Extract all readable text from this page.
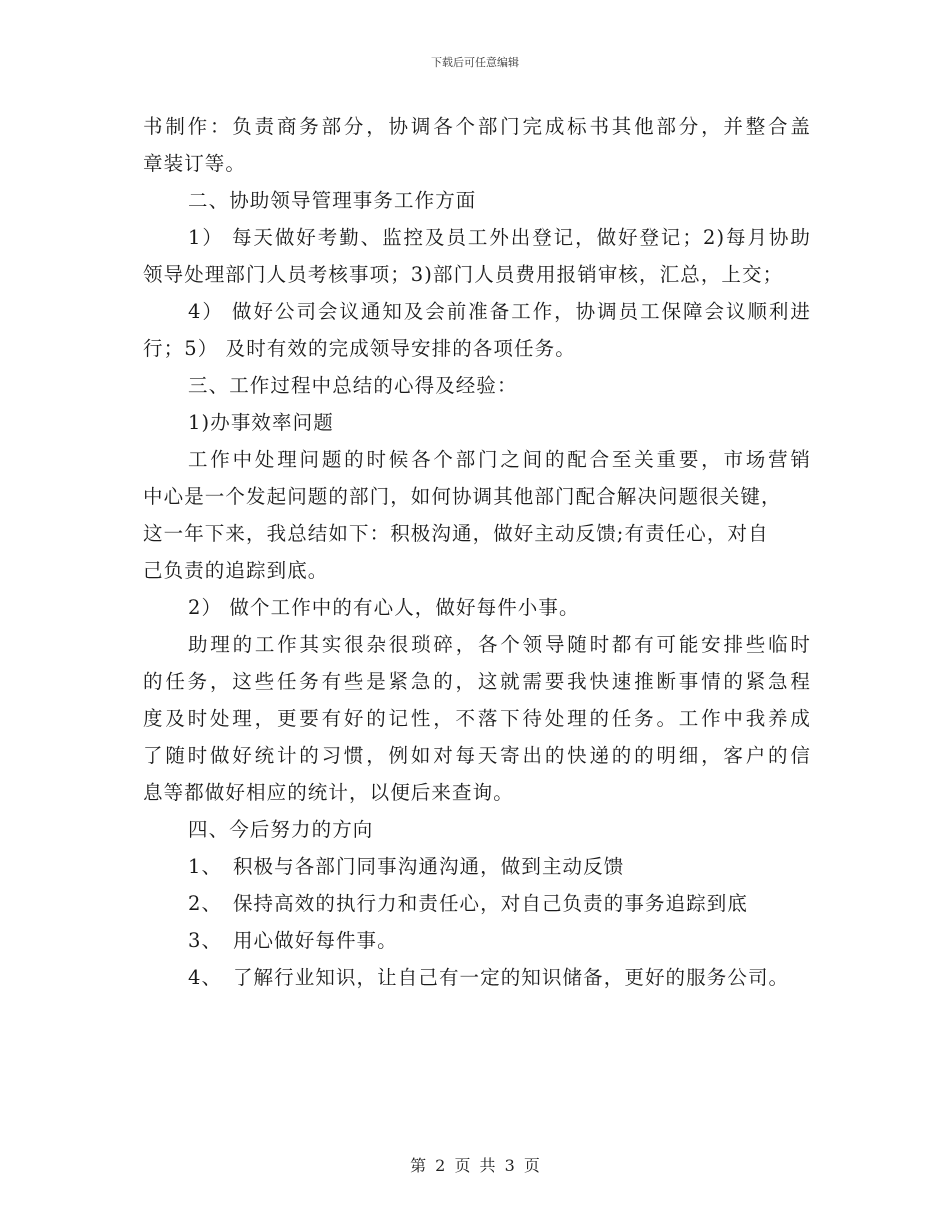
下载后可任意编辑
书制作：负责商务部分，协调各个部门完成标书其他部分，并整合盖
章装订等。
二、协助领导管理事务工作方面
1） 每天做好考勤、监控及员工外出登记，做好登记；2)每月协助
领导处理部门人员考核事项；3)部门人员费用报销审核，汇总，上交；
4） 做好公司会议通知及会前准备工作，协调员工保障会议顺利进
行；5） 及时有效的完成领导安排的各项任务。
三、工作过程中总结的心得及经验：
1)办事效率问题
工作中处理问题的时候各个部门之间的配合至关重要，市场营销
中心是一个发起问题的部门，如何协调其他部门配合解决问题很关键，
这一年下来，我总结如下：积极沟通，做好主动反馈;有责任心，对自
己负责的追踪到底。
2） 做个工作中的有心人，做好每件小事。
助理的工作其实很杂很琐碎，各个领导随时都有可能安排些临时
的任务，这些任务有些是紧急的，这就需要我快速推断事情的紧急程
度及时处理，更要有好的记性，不落下待处理的任务。工作中我养成
了随时做好统计的习惯，例如对每天寄出的快递的的明细，客户的信
息等都做好相应的统计，以便后来查询。
四、今后努力的方向
1、　积极与各部门同事沟通沟通，做到主动反馈
2、　保持高效的执行力和责任心，对自己负责的事务追踪到底
3、　用心做好每件事。
4、　了解行业知识，让自己有一定的知识储备，更好的服务公司。
第 2 页 共 3 页
